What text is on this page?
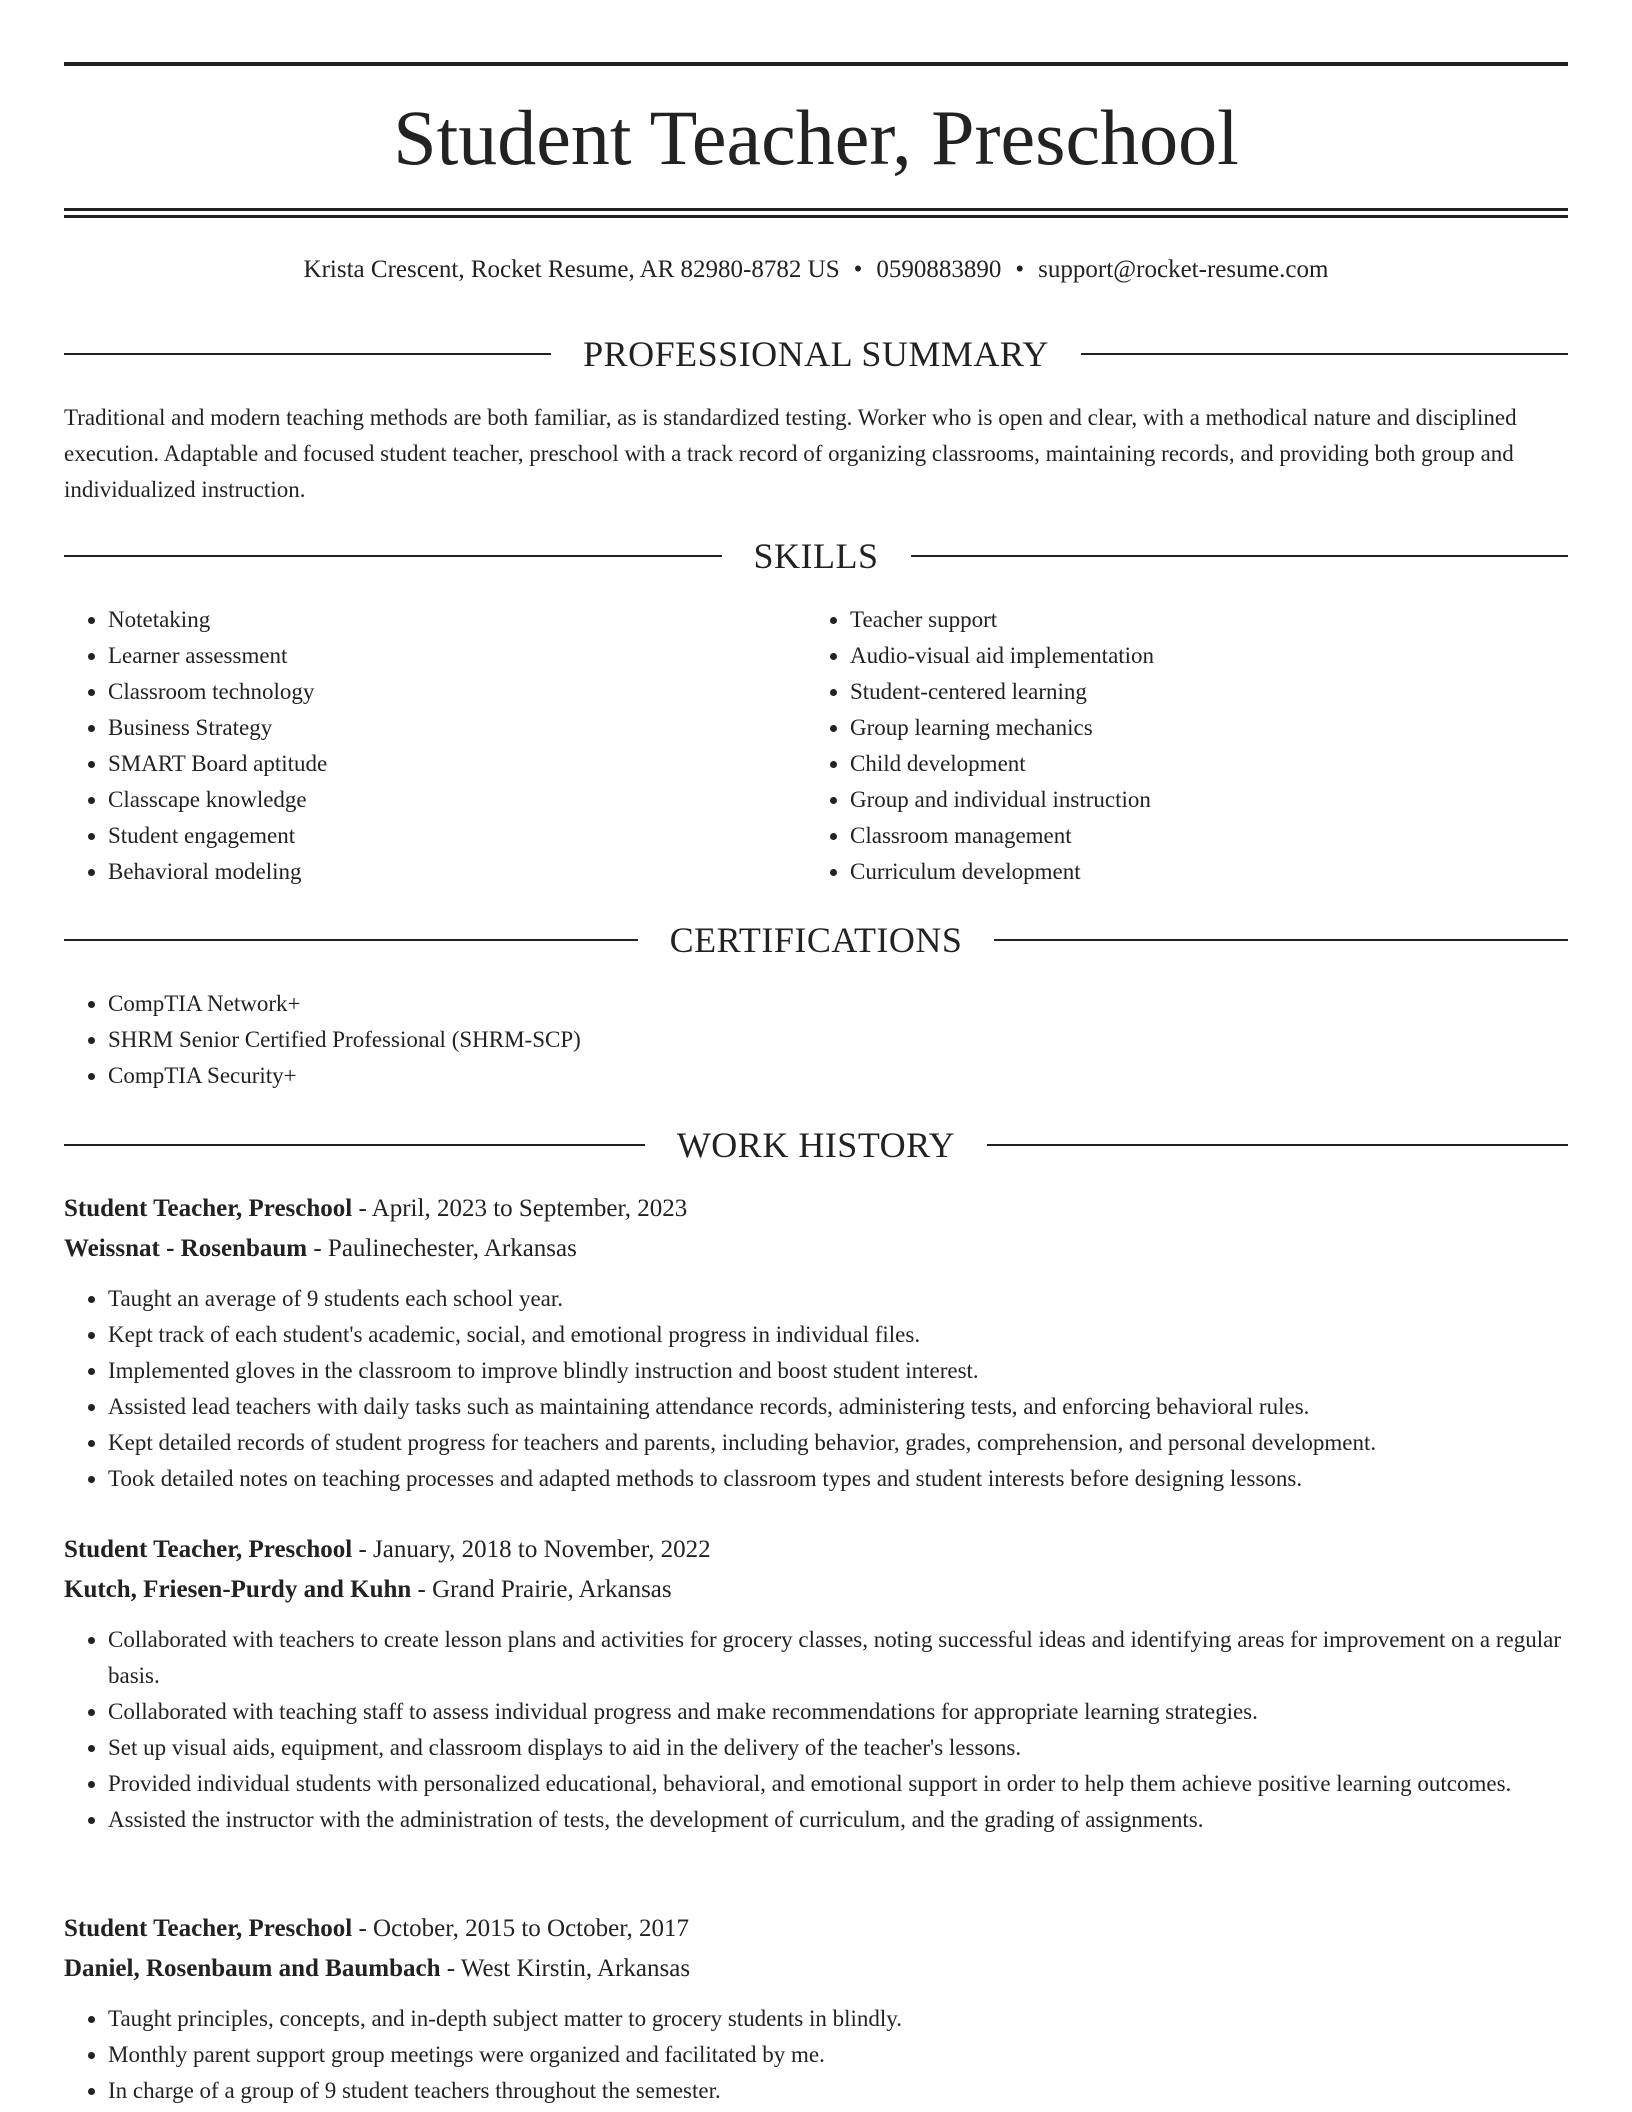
Student Teacher, Preschool
Krista Crescent, Rocket Resume, AR 82980-8782 US • 0590883890 • support@rocket-resume.com
PROFESSIONAL SUMMARY

Traditional and modern teaching methods are both familiar, as is standardized testing. Worker who is open and clear, with a methodical nature and disciplined execution. Adaptable and focused student teacher, preschool with a track record of organizing classrooms, maintaining records, and providing both group and individualized instruction.

SKILLS
• Notetaking
• Learner assessment
• Classroom technology
• Business Strategy
• SMART Board aptitude
• Classcape knowledge
• Student engagement
• Behavioral modeling
• Teacher support
• Audio-visual aid implementation
• Student-centered learning
• Group learning mechanics
• Child development
• Group and individual instruction
• Classroom management
• Curriculum development
CERTIFICATIONS
• CompTIA Network+
• SHRM Senior Certified Professional (SHRM-SCP)
• CompTIA Security+
WORK HISTORY
Student Teacher, Preschool - April, 2023 to September, 2023
Weissnat - Rosenbaum - Paulinechester, Arkansas
• Taught an average of 9 students each school year.
• Kept track of each student's academic, social, and emotional progress in individual files.
• Implemented gloves in the classroom to improve blindly instruction and boost student interest.
• Assisted lead teachers with daily tasks such as maintaining attendance records, administering tests, and enforcing behavioral rules.
• Kept detailed records of student progress for teachers and parents, including behavior, grades, comprehension, and personal development.
• Took detailed notes on teaching processes and adapted methods to classroom types and student interests before designing lessons.
Student Teacher, Preschool - January, 2018 to November, 2022
Kutch, Friesen-Purdy and Kuhn - Grand Prairie, Arkansas
• Collaborated with teachers to create lesson plans and activities for grocery classes, noting successful ideas and identifying areas for improvement on a regular basis.
• Collaborated with teaching staff to assess individual progress and make recommendations for appropriate learning strategies.
• Set up visual aids, equipment, and classroom displays to aid in the delivery of the teacher's lessons.
• Provided individual students with personalized educational, behavioral, and emotional support in order to help them achieve positive learning outcomes.
• Assisted the instructor with the administration of tests, the development of curriculum, and the grading of assignments.
Student Teacher, Preschool - October, 2015 to October, 2017
Daniel, Rosenbaum and Baumbach - West Kirstin, Arkansas
• Taught principles, concepts, and in-depth subject matter to grocery students in blindly.
• Monthly parent support group meetings were organized and facilitated by me.
• In charge of a group of 9 student teachers throughout the semester.
